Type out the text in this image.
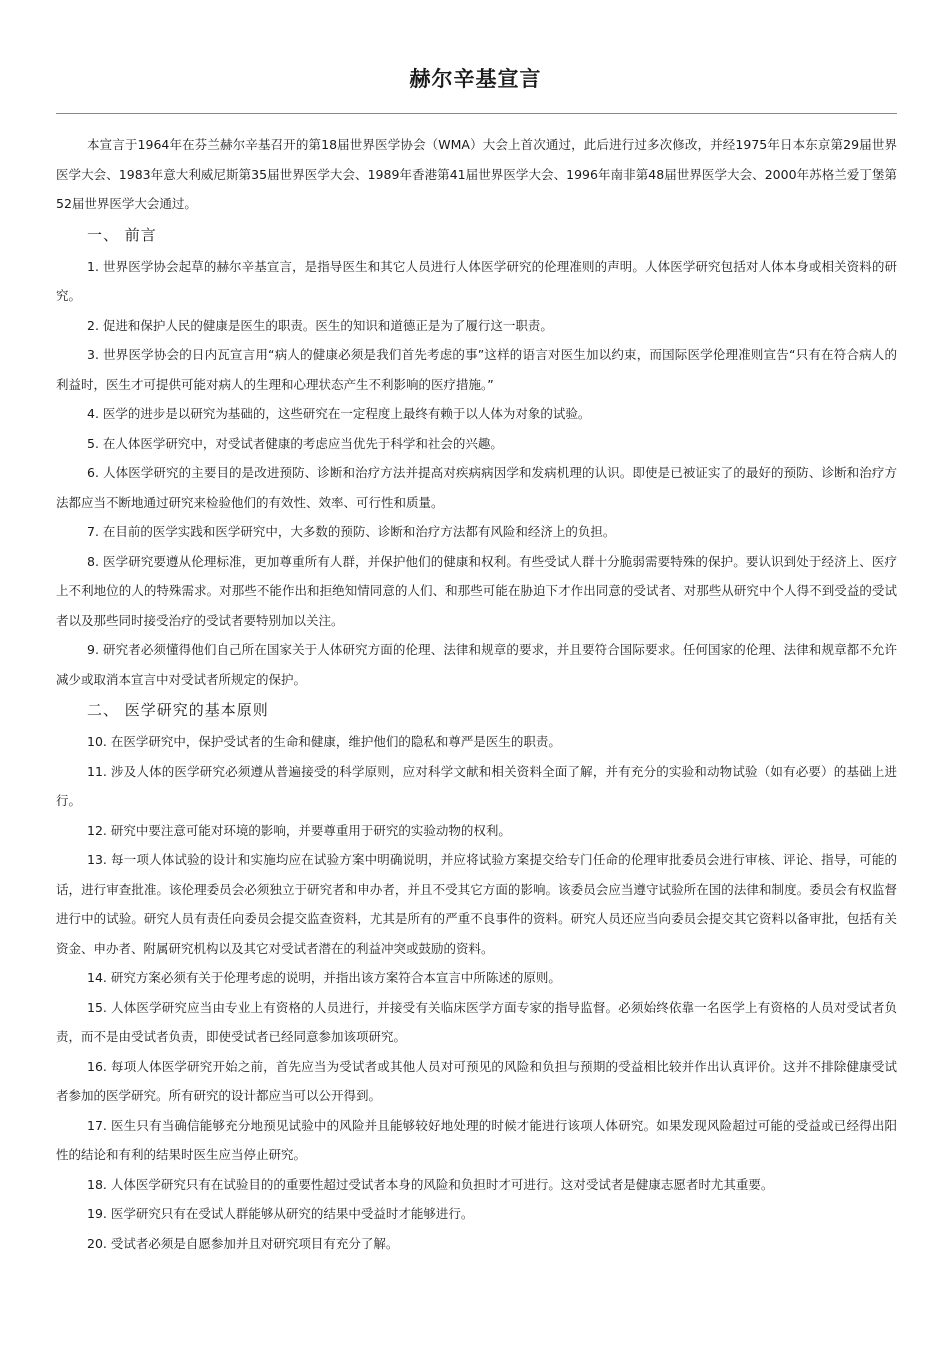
赫尔辛基宣言

本宣言于1964年在芬兰赫尔辛基召开的第18届世界医学协会（WMA）大会上首次通过，此后进行过多次修改，并经1975年日本东京第29届世界医学大会、1983年意大利威尼斯第35届世界医学大会、1989年香港第41届世界医学大会、1996年南非第48届世界医学大会、2000年苏格兰爱丁堡第52届世界医学大会通过。

一、 前言

1. 世界医学协会起草的赫尔辛基宣言，是指导医生和其它人员进行人体医学研究的伦理准则的声明。人体医学研究包括对人体本身或相关资料的研究。

2. 促进和保护人民的健康是医生的职责。医生的知识和道德正是为了履行这一职责。

3. 世界医学协会的日内瓦宣言用“病人的健康必须是我们首先考虑的事”这样的语言对医生加以约束，而国际医学伦理准则宣告“只有在符合病人的利益时，医生才可提供可能对病人的生理和心理状态产生不利影响的医疗措施。”

4. 医学的进步是以研究为基础的，这些研究在一定程度上最终有赖于以人体为对象的试验。

5. 在人体医学研究中，对受试者健康的考虑应当优先于科学和社会的兴趣。

6. 人体医学研究的主要目的是改进预防、诊断和治疗方法并提高对疾病病因学和发病机理的认识。即使是已被证实了的最好的预防、诊断和治疗方法都应当不断地通过研究来检验他们的有效性、效率、可行性和质量。

7. 在目前的医学实践和医学研究中，大多数的预防、诊断和治疗方法都有风险和经济上的负担。

8. 医学研究要遵从伦理标准，更加尊重所有人群，并保护他们的健康和权利。有些受试人群十分脆弱需要特殊的保护。要认识到处于经济上、医疗上不利地位的人的特殊需求。对那些不能作出和拒绝知情同意的人们、和那些可能在胁迫下才作出同意的受试者、对那些从研究中个人得不到受益的受试者以及那些同时接受治疗的受试者要特别加以关注。

9. 研究者必须懂得他们自己所在国家关于人体研究方面的伦理、法律和规章的要求，并且要符合国际要求。任何国家的伦理、法律和规章都不允许减少或取消本宣言中对受试者所规定的保护。

二、 医学研究的基本原则

10. 在医学研究中，保护受试者的生命和健康，维护他们的隐私和尊严是医生的职责。

11. 涉及人体的医学研究必须遵从普遍接受的科学原则，应对科学文献和相关资料全面了解，并有充分的实验和动物试验（如有必要）的基础上进行。

12. 研究中要注意可能对环境的影响，并要尊重用于研究的实验动物的权利。

13. 每一项人体试验的设计和实施均应在试验方案中明确说明，并应将试验方案提交给专门任命的伦理审批委员会进行审核、评论、指导，可能的话，进行审查批准。该伦理委员会必须独立于研究者和申办者，并且不受其它方面的影响。该委员会应当遵守试验所在国的法律和制度。委员会有权监督进行中的试验。研究人员有责任向委员会提交监查资料，尤其是所有的严重不良事件的资料。研究人员还应当向委员会提交其它资料以备审批，包括有关资金、申办者、附属研究机构以及其它对受试者潜在的利益冲突或鼓励的资料。

14. 研究方案必须有关于伦理考虑的说明，并指出该方案符合本宣言中所陈述的原则。

15. 人体医学研究应当由专业上有资格的人员进行，并接受有关临床医学方面专家的指导监督。必须始终依靠一名医学上有资格的人员对受试者负责，而不是由受试者负责，即使受试者已经同意参加该项研究。

16. 每项人体医学研究开始之前，首先应当为受试者或其他人员对可预见的风险和负担与预期的受益相比较并作出认真评价。这并不排除健康受试者参加的医学研究。所有研究的设计都应当可以公开得到。

17. 医生只有当确信能够充分地预见试验中的风险并且能够较好地处理的时候才能进行该项人体研究。如果发现风险超过可能的受益或已经得出阳性的结论和有利的结果时医生应当停止研究。

18. 人体医学研究只有在试验目的的重要性超过受试者本身的风险和负担时才可进行。这对受试者是健康志愿者时尤其重要。

19. 医学研究只有在受试人群能够从研究的结果中受益时才能够进行。

20. 受试者必须是自愿参加并且对研究项目有充分了解。
